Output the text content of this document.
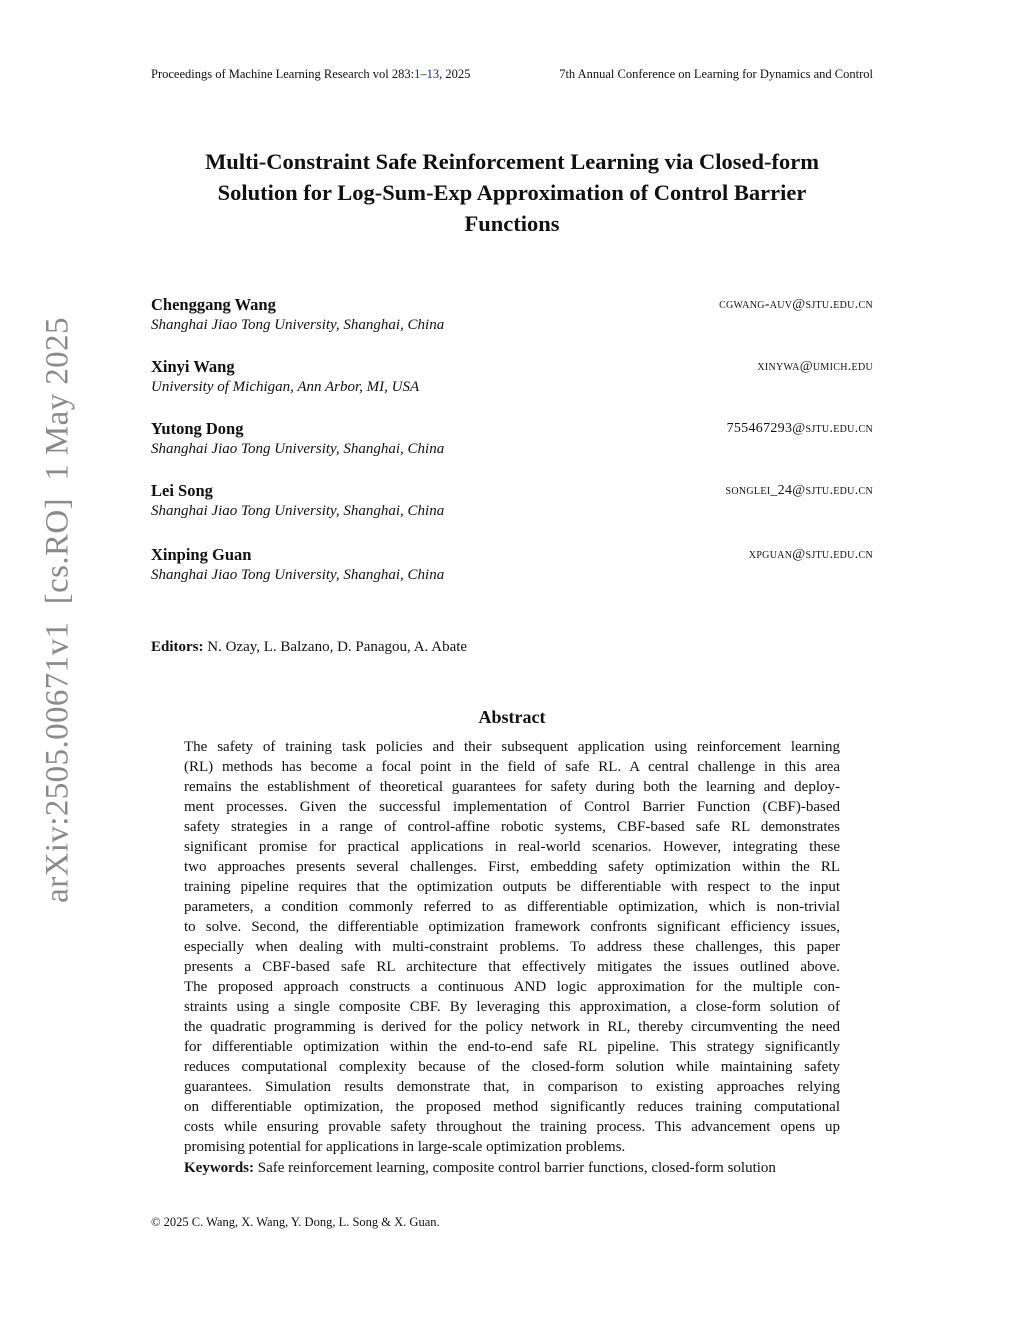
Proceedings of Machine Learning Research vol 283:1–13, 2025	7th Annual Conference on Learning for Dynamics and Control
Multi-Constraint Safe Reinforcement Learning via Closed-form
Solution for Log-Sum-Exp Approximation of Control Barrier
Functions
Chenggang Wang	cgwang-auv@sjtu.edu.cn
Shanghai Jiao Tong University, Shanghai, China
Xinyi Wang	xinywa@umich.edu
University of Michigan, Ann Arbor, MI, USA
Yutong Dong	755467293@sjtu.edu.cn
Shanghai Jiao Tong University, Shanghai, China
Lei Song	songlei_24@sjtu.edu.cn
Shanghai Jiao Tong University, Shanghai, China
Xinping Guan	xpguan@sjtu.edu.cn
Shanghai Jiao Tong University, Shanghai, China
Editors: N. Ozay, L. Balzano, D. Panagou, A. Abate
Abstract
The safety of training task policies and their subsequent application using reinforcement learning
(RL) methods has become a focal point in the field of safe RL. A central challenge in this area
remains the establishment of theoretical guarantees for safety during both the learning and deploy-
ment processes. Given the successful implementation of Control Barrier Function (CBF)-based
safety strategies in a range of control-affine robotic systems, CBF-based safe RL demonstrates
significant promise for practical applications in real-world scenarios. However, integrating these
two approaches presents several challenges. First, embedding safety optimization within the RL
training pipeline requires that the optimization outputs be differentiable with respect to the input
parameters, a condition commonly referred to as differentiable optimization, which is non-trivial
to solve. Second, the differentiable optimization framework confronts significant efficiency issues,
especially when dealing with multi-constraint problems. To address these challenges, this paper
presents a CBF-based safe RL architecture that effectively mitigates the issues outlined above.
The proposed approach constructs a continuous AND logic approximation for the multiple con-
straints using a single composite CBF. By leveraging this approximation, a close-form solution of
the quadratic programming is derived for the policy network in RL, thereby circumventing the need
for differentiable optimization within the end-to-end safe RL pipeline. This strategy significantly
reduces computational complexity because of the closed-form solution while maintaining safety
guarantees. Simulation results demonstrate that, in comparison to existing approaches relying
on differentiable optimization, the proposed method significantly reduces training computational
costs while ensuring provable safety throughout the training process. This advancement opens up
promising potential for applications in large-scale optimization problems.
Keywords: Safe reinforcement learning, composite control barrier functions, closed-form solution
© 2025 C. Wang, X. Wang, Y. Dong, L. Song & X. Guan.
arXiv:2505.00671v1  [cs.RO]  1 May 2025
